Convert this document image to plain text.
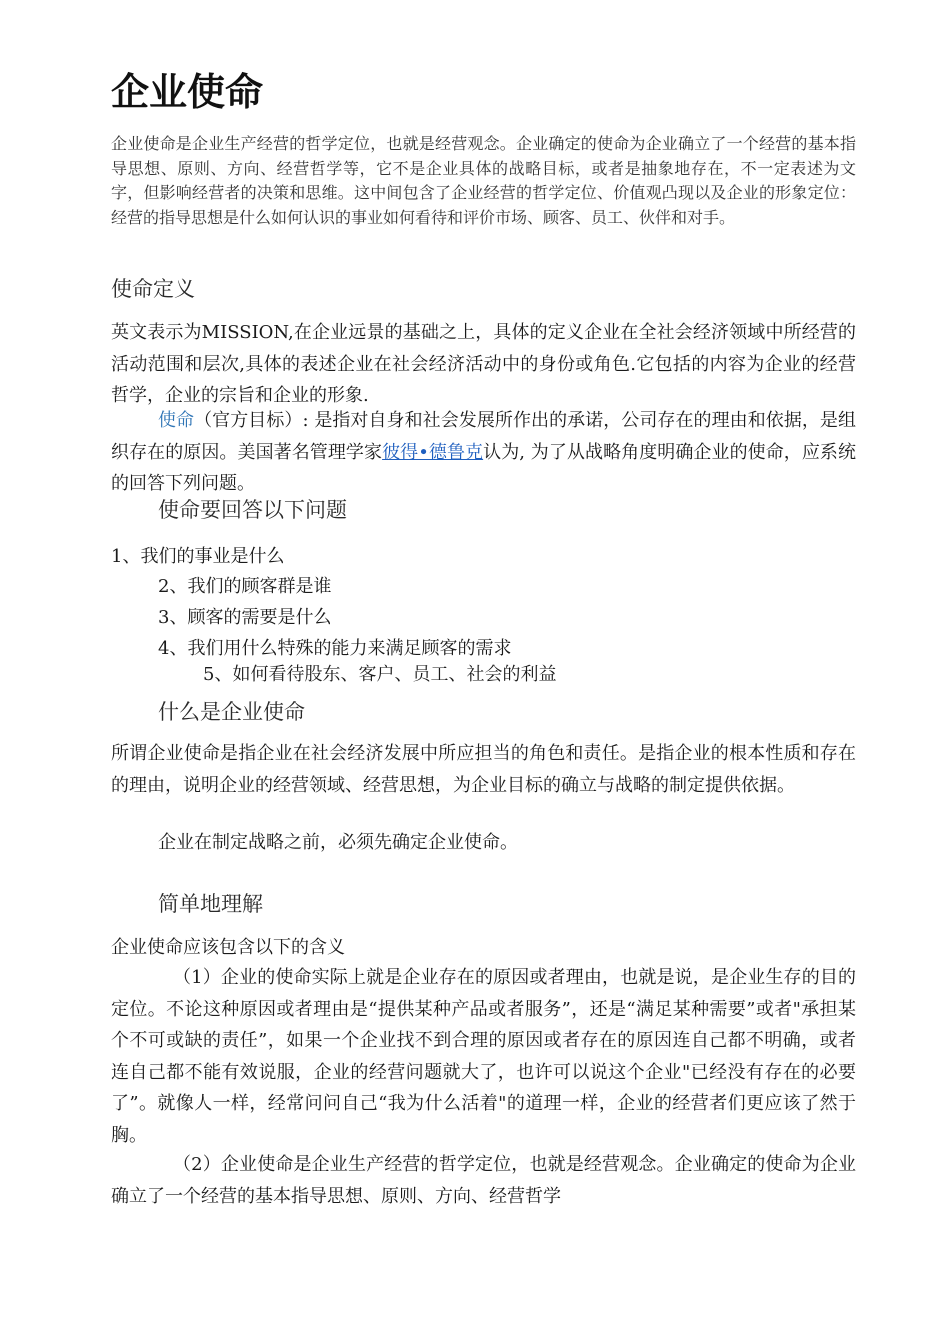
企业使命

企业使命是企业生产经营的哲学定位，也就是经营观念。企业确定的使命为企业确立了一个经营的基本指导思想、原则、方向、经营哲学等，它不是企业具体的战略目标，或者是抽象地存在，不一定表述为文字，但影响经营者的决策和思维。这中间包含了企业经营的哲学定位、价值观凸现以及企业的形象定位：经营的指导思想是什么如何认识的事业如何看待和评价市场、顾客、员工、伙伴和对手。

使命定义

英文表示为MISSION,在企业远景的基础之上，具体的定义企业在全社会经济领域中所经营的活动范围和层次,具体的表述企业在社会经济活动中的身份或角色.它包括的内容为企业的经营哲学，企业的宗旨和企业的形象.

使命（官方目标）: 是指对自身和社会发展所作出的承诺，公司存在的理由和依据，是组织存在的原因。美国著名管理学家彼得•德鲁克认为, 为了从战略角度明确企业的使命，应系统的回答下列问题。

使命要回答以下问题

1、我们的事业是什么

2、我们的顾客群是谁

3、顾客的需要是什么

4、我们用什么特殊的能力来满足顾客的需求

5、如何看待股东、客户、员工、社会的利益

什么是企业使命

所谓企业使命是指企业在社会经济发展中所应担当的角色和责任。是指企业的根本性质和存在的理由，说明企业的经营领域、经营思想，为企业目标的确立与战略的制定提供依据。

企业在制定战略之前，必须先确定企业使命。

简单地理解

企业使命应该包含以下的含义

（1）企业的使命实际上就是企业存在的原因或者理由，也就是说，是企业生存的目的定位。不论这种原因或者理由是“提供某种产品或者服务”，还是“满足某种需要”或者"承担某个不可或缺的责任”，如果一个企业找不到合理的原因或者存在的原因连自己都不明确，或者连自己都不能有效说服，企业的经营问题就大了，也许可以说这个企业"已经没有存在的必要了”。就像人一样，经常问问自己“我为什么活着"的道理一样，企业的经营者们更应该了然于胸。

（2）企业使命是企业生产经营的哲学定位，也就是经营观念。企业确定的使命为企业确立了一个经营的基本指导思想、原则、方向、经营哲学
